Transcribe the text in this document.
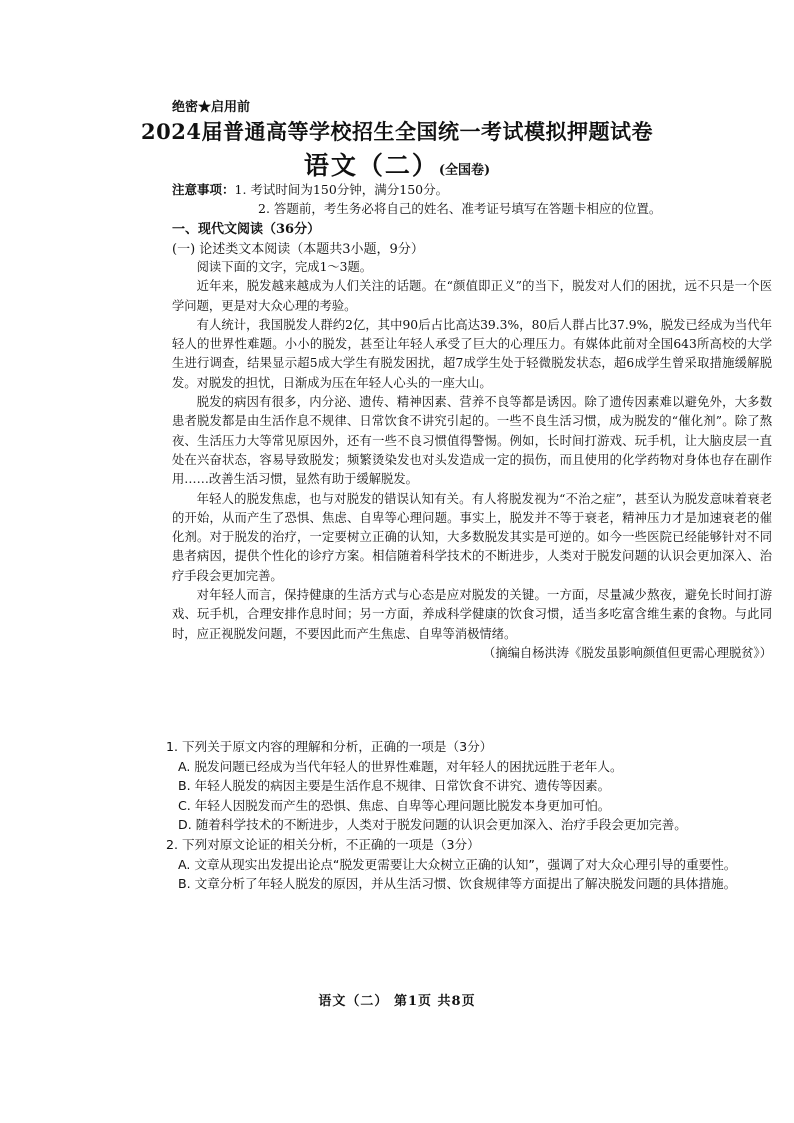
绝密★启用前
2024届普通高等学校招生全国统一考试模拟押题试卷
语文（二）(全国卷)
注意事项：1. 考试时间为150分钟，满分150分。
2. 答题前，考生务必将自己的姓名、准考证号填写在答题卡相应的位置。
一、现代文阅读（36分）
(一) 论述类文本阅读（本题共3小题，9分）

阅读下面的文字，完成1～3题。

近年来，脱发越来越成为人们关注的话题。在“颜值即正义”的当下，脱发对人们的困扰，远不只是一个医学问题，更是对大众心理的考验。

有人统计，我国脱发人群约2亿，其中90后占比高达39.3%，80后人群占比37.9%，脱发已经成为当代年轻人的世界性难题。小小的脱发，甚至让年轻人承受了巨大的心理压力。有媒体此前对全国643所高校的大学生进行调查，结果显示超5成大学生有脱发困扰，超7成学生处于轻微脱发状态，超6成学生曾采取措施缓解脱发。对脱发的担忧，日渐成为压在年轻人心头的一座大山。

脱发的病因有很多，内分泌、遗传、精神因素、营养不良等都是诱因。除了遗传因素难以避免外，大多数患者脱发都是由生活作息不规律、日常饮食不讲究引起的。一些不良生活习惯，成为脱发的“催化剂”。除了熬夜、生活压力大等常见原因外，还有一些不良习惯值得警惕。例如，长时间打游戏、玩手机，让大脑皮层一直处在兴奋状态，容易导致脱发；频繁烫染发也对头发造成一定的损伤，而且使用的化学药物对身体也存在副作用……改善生活习惯，显然有助于缓解脱发。

年轻人的脱发焦虑，也与对脱发的错误认知有关。有人将脱发视为“不治之症”，甚至认为脱发意味着衰老的开始，从而产生了恐惧、焦虑、自卑等心理问题。事实上，脱发并不等于衰老，精神压力才是加速衰老的催化剂。对于脱发的治疗，一定要树立正确的认知，大多数脱发其实是可逆的。如今一些医院已经能够针对不同患者病因，提供个性化的诊疗方案。相信随着科学技术的不断进步，人类对于脱发问题的认识会更加深入、治疗手段会更加完善。

对年轻人而言，保持健康的生活方式与心态是应对脱发的关键。一方面，尽量减少熬夜，避免长时间打游戏、玩手机，合理安排作息时间；另一方面，养成科学健康的饮食习惯，适当多吃富含维生素的食物。与此同时，应正视脱发问题，不要因此而产生焦虑、自卑等消极情绪。

（摘编自杨洪涛《脱发虽影响颜值但更需心理脱贫》）

1. 下列关于原文内容的理解和分析，正确的一项是（3分）

A. 脱发问题已经成为当代年轻人的世界性难题，对年轻人的困扰远胜于老年人。

B. 年轻人脱发的病因主要是生活作息不规律、日常饮食不讲究、遗传等因素。

C. 年轻人因脱发而产生的恐惧、焦虑、自卑等心理问题比脱发本身更加可怕。

D. 随着科学技术的不断进步，人类对于脱发问题的认识会更加深入、治疗手段会更加完善。

2. 下列对原文论证的相关分析，不正确的一项是（3分）

A. 文章从现实出发提出论点“脱发更需要让大众树立正确的认知”，强调了对大众心理引导的重要性。

B. 文章分析了年轻人脱发的原因，并从生活习惯、饮食规律等方面提出了解决脱发问题的具体措施。

语文（二） 第1页 共8页
